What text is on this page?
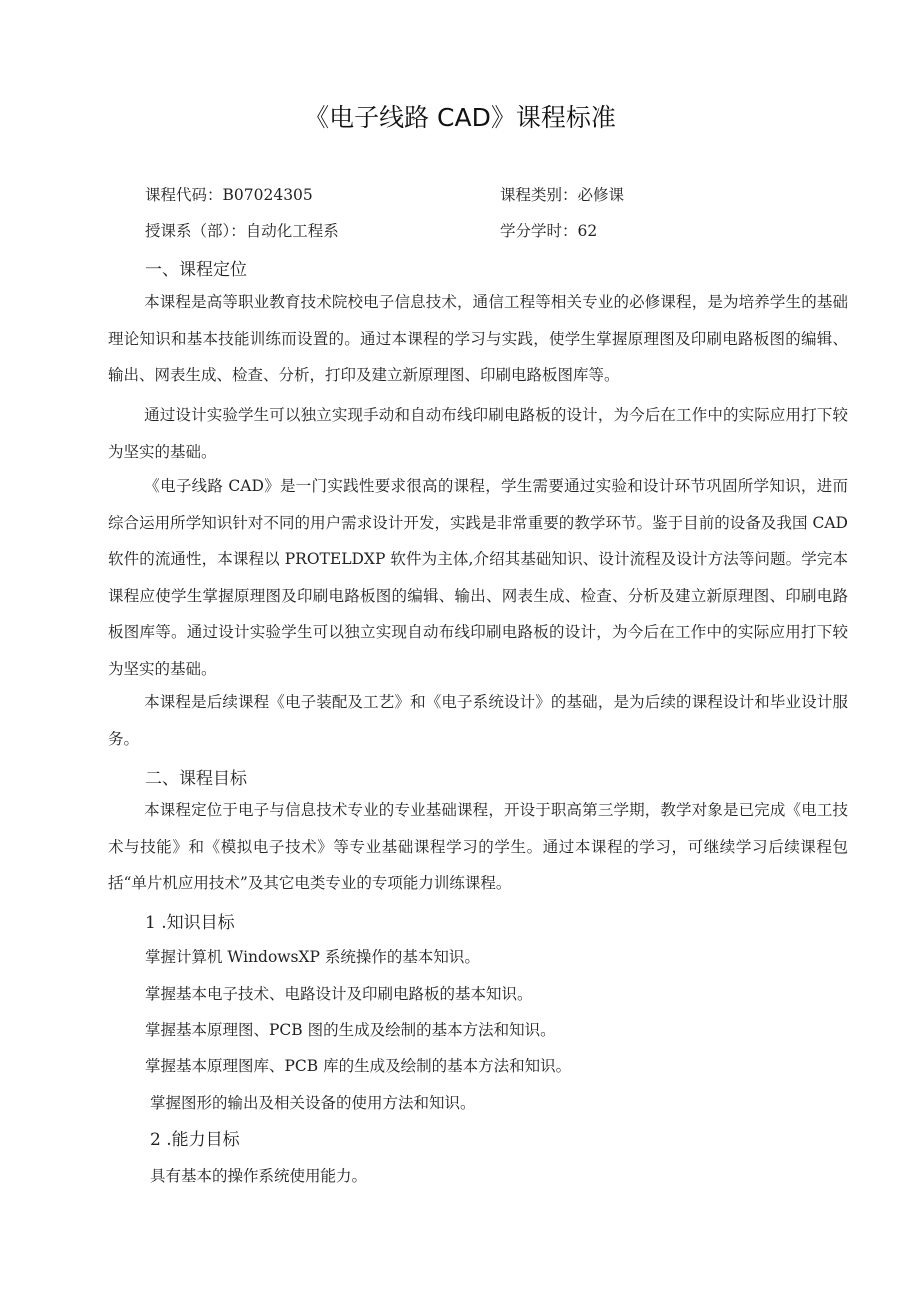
《电子线路 CAD》课程标准
课程代码：B07024305	课程类别：必修课
授课系（部）：自动化工程系	学分学时：62
一、课程定位
本课程是高等职业教育技术院校电子信息技术，通信工程等相关专业的必修课程，是为培养学生的基础理论知识和基本技能训练而设置的。通过本课程的学习与实践，使学生掌握原理图及印刷电路板图的编辑、输出、网表生成、检查、分析，打印及建立新原理图、印刷电路板图库等。
通过设计实验学生可以独立实现手动和自动布线印刷电路板的设计，为今后在工作中的实际应用打下较为坚实的基础。
《电子线路 CAD》是一门实践性要求很高的课程，学生需要通过实验和设计环节巩固所学知识，进而综合运用所学知识针对不同的用户需求设计开发，实践是非常重要的教学环节。鉴于目前的设备及我国 CAD 软件的流通性，本课程以 PROTELDXP 软件为主体,介绍其基础知识、设计流程及设计方法等问题。学完本课程应使学生掌握原理图及印刷电路板图的编辑、输出、网表生成、检查、分析及建立新原理图、印刷电路板图库等。通过设计实验学生可以独立实现自动布线印刷电路板的设计，为今后在工作中的实际应用打下较为坚实的基础。
本课程是后续课程《电子装配及工艺》和《电子系统设计》的基础，是为后续的课程设计和毕业设计服务。
二、课程目标
本课程定位于电子与信息技术专业的专业基础课程，开设于职高第三学期，教学对象是已完成《电工技术与技能》和《模拟电子技术》等专业基础课程学习的学生。通过本课程的学习，可继续学习后续课程包括“单片机应用技术”及其它电类专业的专项能力训练课程。
1 .知识目标
掌握计算机 WindowsXP 系统操作的基本知识。
掌握基本电子技术、电路设计及印刷电路板的基本知识。
掌握基本原理图、PCB 图的生成及绘制的基本方法和知识。
掌握基本原理图库、PCB 库的生成及绘制的基本方法和知识。
掌握图形的输出及相关设备的使用方法和知识。
2 .能力目标
具有基本的操作系统使用能力。
